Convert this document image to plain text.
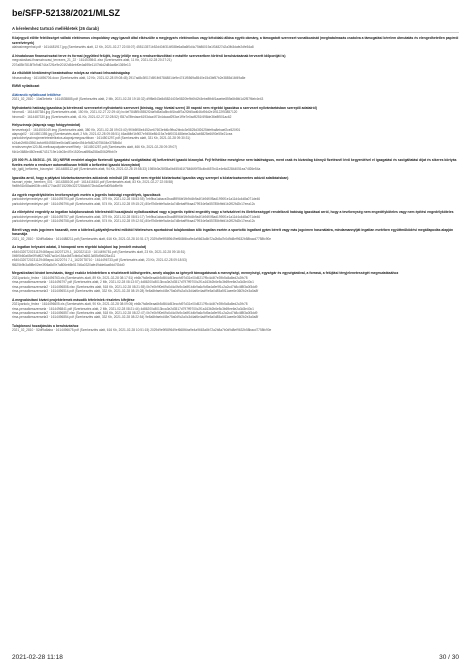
be/SFP-52138/2021/MLSZ
A kérelemhez tartozó mellékletek (26 darab)
Közjegyző előtte felelősséget vállató elektromos cimpoldány vagy igazolt által elkészülte a megjegyzés elektronikus vagy kétoldalú állása egyéb okmány, a támogatott szervezet vonatkozását (meghatalmazás csatolva a támogatási kérelem útmutatás és elengedhetetlen papírról szerelvények)
alairasimegerhat.pdf · 1614481917.jpg (Szerkesztés alatt, 12 Kb, 2021-02-27 22:08:07) 455113571b52d404f314f088e6a8a6f0d4c75b86019a1f34827d2a3fb3dafe2dfe54a8
A hivatalosan finanszírozást terve és formai (együtted felújék, hogy jelölje meg a rendszertávolítást e másféle szervezetben történő beruházásának tervezett időpontját is)
megvalositasi-finanszirozasi_tervezes_21_22 · 1614539841.xlsx (Szerkesztés alatt, 11 Kb, 2021-02-28 20:27:21)
207a85b7818f7b9d6744a72f1e9e201f2d54ebf0e4a695e1107b6d2d84ad6e1369e13
Az elküldött kiválóményi bezárásához miolya az vízhozó lehozatóságalap
hihasznalhag · 1614496706.docx (Szerkesztés alatt, 12 Kb, 2021-02-28 09:08:48) 2917ad8c3f017d5f1fb57848814e9e4741f5569a5540e15d3bf57b2e3885d16f49a8e
EMMI nyilatkozat
Aláírandó nyilatkozat letöltése
2021_02_2810 · 10af3ebefa · 1614535885.pdf (Szerkesztés alatt, 2 Mb, 2021-02-28 19:18:32) d9f8e843e8d5824403e5820fe9b0fd2b3ebe8fb6f1aaebe859a5b8fd1d2f57f6eb4e43
Nyilvántartó hatóság igazolása (a kérelmező szervezetet nyilvántartó szervezet (bíróság, vagy hivatal szerv) 30 napnál nem régebbi igazolása a szervezet nyilvántartásban szereplő adatairól)
hiromat1 · 1614487384.jpg (Szerkesztés alatt, 150 Kb, 2021-02-27 22:29:44) bc4ef7848f545552f2da9d5a0a5bc6f1ba8f7a2f2fd5ad646d94d2e1f5122f53857120
hiromat2 · 1614487330.jpg (Szerkesztés alatt, 41 Kb, 2021-02-27 22:28:52) f357a78fedace6193dca4f71b4dcaaf293ce1f9e7e0ad9251f498de36e8f501ac62
Helyszínrajz (alaprajz vagy fotógyémánlat)
tervezetrajz3 · 1614501049.tmg (Szerkesztés alatt, 380 Kb, 2021-02-28 09:03:40) 9f0b5f08e4452ce67603efd6c9fba2bbdc3e5825d3f2625bfefba8ebaef2ce520f01
alaprajz02 · 1614501355.jpg (Szerkesztés alatt, 2 Mb, 2021-02-28 09:05:51) 46ad6fbf1b9f27e9456e86419a7e6f0031488ebe3a8a2ab5825e6690e55e21cea
parkolohelyszinrajzmerletesfeliratos-alaprajzmegosztbban · 1614501297.pdf (Szerkesztés alatt, 331 Kb, 2021-02-28 09:30:31)
b24ab2b9843961bcfcb9849380ee0b4af51ab6e4944e9d52d075604e3758b8d
rendezvenyter120-86-meflcsapalyatervezet9hely · 1614501257.pdf (Szerkesztés alatt, 466 Kb, 2021-02-28 09:39:07)
f4b1e3688e45f2eed67431719e14b03e4f7e1520ecaf8f8a258af2062f9bb7e
(25 000 Ft. A 39/2011. (VI. 30.) NEFMI rendelet alapján fizetendő igazgatási szolgáltatási díj befizetését igazoló bizonylat. Fejl felhétöse meséglese nem talaléságsos, ment csak és kizárólag könnyű fizetésnél lévő kegyeniélvel el igazgatási és szolgáltatási díjat és sikeres körtyás fizetés esetén a rendszer automatikusan feltölti a befizetést igazoló bizonylatot)
sfp_igdij_befizetes_bizonylat · 1614488112.pdf (Szerkesztés alatt, 94 Kb, 2021-02-28 19:58:33) 1985b3e28f35a0b455461f78466f0f78c4bd657b41e4e6d22844051ea74f26e54a
Igazolás arról, hogy a pályázó köztartozásmentes adózónak minősül (30 napnál nem régebbi köztartozási igazolás vagy szerepel a köztartozásmentes adózói adatbázisban)
hsznart_ejmtn_hereben_001 · 1614388100.pdf · 1614416610.pdf (Szerkesztés alatt, 83 Kb, 2021-02-27 22:08:58)
9e8fb51b58ade83fb cbf4177da45715209b3227284db572bdd2ae9d0f5dd9e9b
Az egyéb engedélyköteles tevékenységek esetén a jogerős hatósági engedélyek, igazolások
parkolohelyenedelyez.pdf · 1614495793.pdf (Szerkesztés alatt, 379 Kb, 2021-02-28 08:53:55) 7eb9ba1abace2bad8996bf1fb9d4b9a4f1b94f0f5ad1990f1e1a11d4c4d8a071de46
parkolohelyenedelyez.pdf · 1614496796.pdf (Szerkesztés alatt, 574 Kb, 2021-02-28 09:15:21) 80ef7b8ebfe9a4e4a7d8ebaff9baa479934e9a55785bfbfd1b2f02fd2b17eea12c
Az előrépítési engedély az ingatlan tulajdonosának hiteleséstől hozzájáruló nyilatkozatával vagy a jogerős építési engedély vagy a helvázlével és illetékességgel rendelkező hatóság igazolásai arról, hogy a tevékenység nem engedélyköteles vagy nem építési engedélyköteles
parkolohelyenedelyez.pdf · 1614495757.pdf (Szerkesztés alatt, 379 Kb, 2021-02-28 08:51:17) 7eb9ba1abace2bad8996bf1fb9d4b9a4f1b94f0f5ad1990f1e1a11d4c4d8a071de46
parkolohelyenedelyez.pdf · 1614496758.pdf (Szerkesztés alatt, 574 Kb, 2021-02-28 09:12:51) 80ef7b8ebfe9a4e4a7d8ebaff9baa479934e9a55785bfbfd1b2f02fd2b17eea12c
Bérelt vagy más jogcímen használt, nem a kötelező-pályafejlesztési miliótól hiteleséses aportadóval tulajdonában álló ingatlan esetén a sportoltó ingatlant gyám bérelt vagy más jogcímen használatra, mindamannyiját ingatlan esetében együttműködési megállapodás alapján használja
2021_02_2810 · 52df9a8aba · 1614488211.pdf (Szerkesztés alatt, 616 Kb, 2021-02-28 10:51:17) 2029d9e9f589649ef668f4ba9e4a9663a8b72a2b8a7b0d9d8ef9632b58bacd7758fc90e
Az ingatlan helyszíni adatai, 3 hónapnál nem régebbi tulajdoni lap (rendelt másolat)
e5404320T20231129469apai-1620T129-1_1620221110 · 1614496781.pdf (Szerkesztés alatt, 23 Kb, 2021-02-28 09:18:51)
0b5f0b60a65e0f9df627b657ad1e154a4b87cbb6a7a6613d55d9d625a411
e5404320T20231129469apai-16220T4 7-1_16220T8710 · 1614496733.pdf (Szerkesztés alatt, 23 Kb, 2021-02-28 09:18:53)
f8625b9b3a5f8e02ee3f06a8d7e7a806eb5b517d6a0320afe49dde6aa9dd7f2dd0
Megvalósítani kívánt beruházás, tárgyi eszköz tekintetében a részletezett költségvetés, amely alapján az igényelt támogatásnak a mennyiségi, mennyiségi, egységár és egységáráival, a forrasá, a felújtási tényjelenetességét megmutatásához
2021parkolo_fedez · 1614496763.xls (Szerkesztés alatt, 89 Kb, 2021-02-28 08:17:51) eb6b7fa5e8eaa6b5d564d53eccfd97d31e00d5217f9c4d4f7e39b5c8a8ed2c2fb78
rima-penzalkesszensela · 1614496797.pdf (Szerkesztés alatt, 2 Mb, 2021-02-28 08:13:57) 4d86200c8013bca3e2d3517d797ff9700c2f1a163b2b6e5c3b69ee6e2a3d3e40c1
rima-penzalkesszensela2 · 1614496808.xlsx (Szerkesztés alatt, 518 Kb, 2021-02-28 08:21:55) 0b7e0b9f0e69c0d4c0fc9c0a9f1b4b9a6c9d9a4a9e9f1c2a2cd7b8c4f8f3a0f3dd9
rima-penzalkesszensela3 · 1614496514.pdf (Szerkesztés alatt, 332 Kb, 2021-02-28 08:19:28) 9e8a5bfaebd45e75a0d9c2a0c3d4af6e4adf9e5a0d85a5f11aee6e36f2b2e3a0a8f
A megvalósítani kívánt projektelemek második tételeiniek részletes kifejtése
2021parkolo_fedez · 1614496605.xls (Szerkesztés alatt, 90 Kb, 2021-02-28 08:09:05) eb6b7fa5e8eaa6b5d564d53eccfd97d31e00d5217f9c4d4f7e39b5c8a8ed2c2fb78
rima-penzalkesszensela · 1614496841.pdf (Szerkesztés alatt, 2 Mb, 2021-02-28 08:21:44) 4d86200c8013bca3e2d3517d797ff9700c2f1a163b2b6e5c3b69ee6e2a3d3e40c1
rima-penzalkesszensela2 · 1614496857.xlsx (Szerkesztés alatt, 518 Kb, 2021-02-28 08:22:47) 0b7e0b9f0e69c0d4c0fc9c0a9f1b4b9a6c9d9a4a9e9f1c2a2cd7b8c4f8f3a0f3dd9
rima-penzalkesszensela3 · 1614496854.pdf (Szerkesztés alatt, 332 Kb, 2021-02-28 08:22:54) 9e8a5bfaebd45e75a0d9c2a0c3d4af6e4adf9e5a0d85a5f11aee6e36f2b2e3a0a8f
Tulajdonosi hozzájárulás a beruházáshoz
2021_02_2810 · 52df9a8aba · 1614496675.pdf (Szerkesztés alatt, 616 Kb, 2021-02-28 10:51:15) 2029d9e9f589649ef668f4ba9e4a9663a8b72a2b8a7b0d9d8ef9632b58bacd7758fc90e
2021-02-28 11:18	30 / 30
